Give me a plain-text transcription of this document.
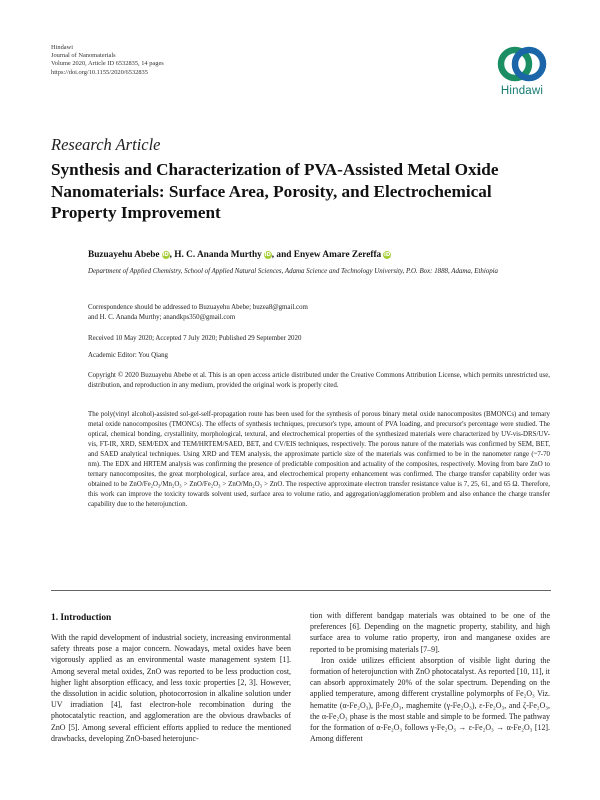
Hindawi
Journal of Nanomaterials
Volume 2020, Article ID 6532835, 14 pages
https://doi.org/10.1155/2020/6532835
Hindawi
Research Article
Synthesis and Characterization of PVA-Assisted Metal Oxide Nanomaterials: Surface Area, Porosity, and Electrochemical Property Improvement
Buzuayehu Abebe iD, H. C. Ananda Murthy iD, and Enyew Amare Zereffa iD
Department of Applied Chemistry, School of Applied Natural Sciences, Adama Science and Technology University, P.O. Box: 1888, Adama, Ethiopia
Correspondence should be addressed to Buzuayehu Abebe; buzea8@gmail.com
and H. C. Ananda Murthy; anandkps350@gmail.com
Received 10 May 2020; Accepted 7 July 2020; Published 29 September 2020
Academic Editor: You Qiang
Copyright © 2020 Buzuayehu Abebe et al. This is an open access article distributed under the Creative Commons Attribution License, which permits unrestricted use, distribution, and reproduction in any medium, provided the original work is properly cited.

The poly(vinyl alcohol)-assisted sol-gel-self-propagation route has been used for the synthesis of porous binary metal oxide nanocomposites (BMONCs) and ternary metal oxide nanocomposites (TMONCs). The effects of synthesis techniques, precursor's type, amount of PVA loading, and precursor's percentage were studied. The optical, chemical bonding, crystallinity, morphological, textural, and electrochemical properties of the synthesized materials were characterized by UV-vis-DRS/UV-vis, FT-IR, XRD, SEM/EDX and TEM/HRTEM/SAED, BET, and CV/EIS techniques, respectively. The porous nature of the materials was confirmed by SEM, BET, and SAED analytical techniques. Using XRD and TEM analysis, the approximate particle size of the materials was confirmed to be in the nanometer range (~7-70 nm). The EDX and HRTEM analysis was confirming the presence of predictable composition and actuality of the composites, respectively. Moving from bare ZnO to ternary nanocomposites, the great morphological, surface area, and electrochemical property enhancement was confirmed. The charge transfer capability order was obtained to be ZnO/Fe₂O₃/Mn₂O₃ > ZnO/Fe₂O₃ > ZnO/Mn₂O₃ > ZnO. The respective approximate electron transfer resistance value is 7, 25, 61, and 65 Ω. Therefore, this work can improve the toxicity towards solvent used, surface area to volume ratio, and aggregation/agglomeration problem and also enhance the charge transfer capability due to the heterojunction.

1. Introduction

With the rapid development of industrial society, increasing environmental safety threats pose a major concern. Nowadays, metal oxides have been vigorously applied as an environmental waste management system [1]. Among several metal oxides, ZnO was reported to be less production cost, higher light absorption efficacy, and less toxic properties [2, 3]. However, the dissolution in acidic solution, photocorrosion in alkaline solution under UV irradiation [4], fast electron-hole recombination during the photocatalytic reaction, and agglomeration are the obvious drawbacks of ZnO [5]. Among several efficient efforts applied to reduce the mentioned drawbacks, developing ZnO-based heterojunc-

tion with different bandgap materials was obtained to be one of the preferences [6]. Depending on the magnetic property, stability, and high surface area to volume ratio property, iron and manganese oxides are reported to be promising materials [7–9].

Iron oxide utilizes efficient absorption of visible light during the formation of heterojunction with ZnO photocatalyst. As reported [10, 11], it can absorb approximately 20% of the solar spectrum. Depending on the applied temperature, among different crystalline polymorphs of Fe₂O₃ Viz. hematite (α-Fe₂O₃), β-Fe₂O₃, maghemite (γ-Fe₂O₃), ε-Fe₂O₃, and ζ-Fe₂O₃, the α-Fe₂O₃ phase is the most stable and simple to be formed. The pathway for the formation of α-Fe₂O₃ follows γ-Fe₂O₃ → ε-Fe₂O₃ → α-Fe₂O₃ [12]. Among different
